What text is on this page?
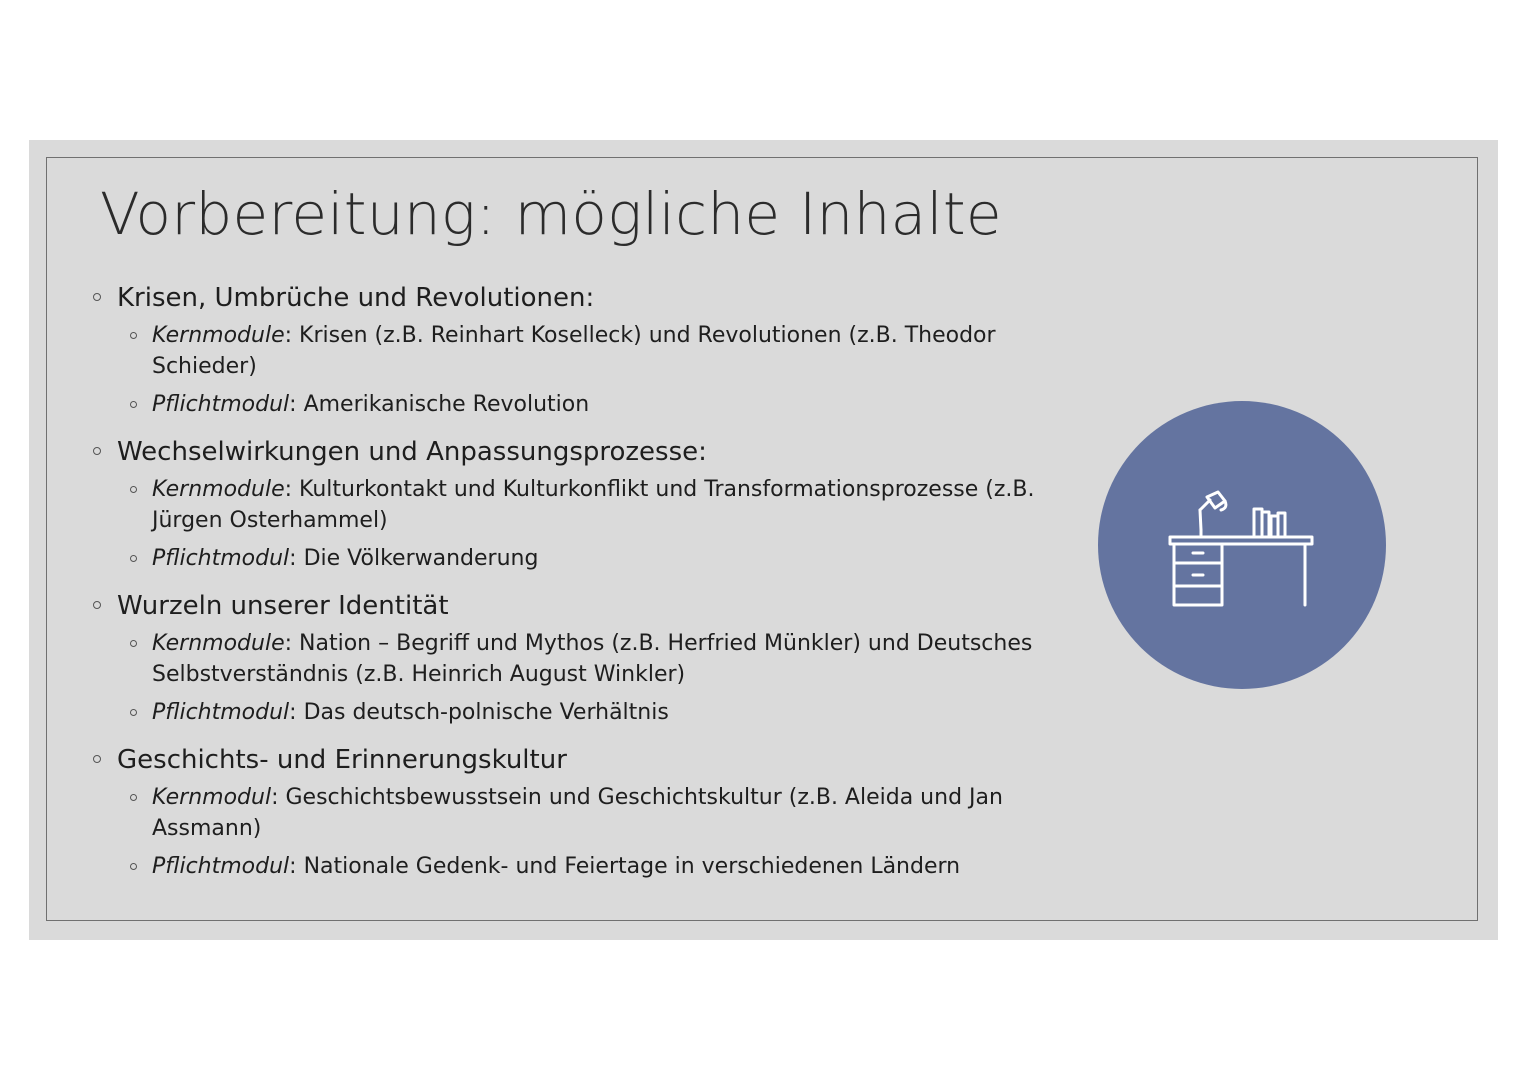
Vorbereitung: mögliche Inhalte
Krisen, Umbrüche und Revolutionen:
Kernmodule: Krisen (z.B. Reinhart Koselleck) und Revolutionen (z.B. Theodor Schieder)
Pflichtmodul: Amerikanische Revolution
Wechselwirkungen und Anpassungsprozesse:
Kernmodule: Kulturkontakt und Kulturkonflikt und Transformationsprozesse (z.B. Jürgen Osterhammel)
Pflichtmodul: Die Völkerwanderung
Wurzeln unserer Identität
Kernmodule: Nation – Begriff und Mythos (z.B. Herfried Münkler) und Deutsches Selbstverständnis (z.B. Heinrich August Winkler)
Pflichtmodul: Das deutsch-polnische Verhältnis
Geschichts- und Erinnerungskultur
Kernmodul: Geschichtsbewusstsein und Geschichtskultur (z.B. Aleida und Jan Assmann)
Pflichtmodul: Nationale Gedenk- und Feiertage in verschiedenen Ländern
